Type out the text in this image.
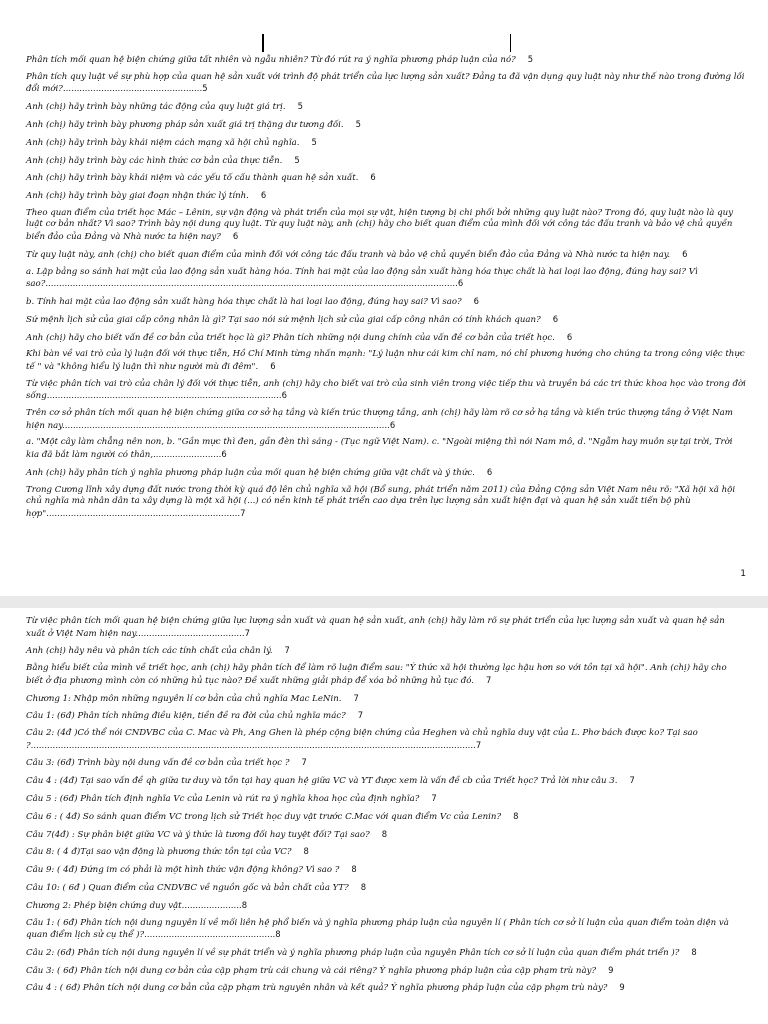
Phân tích mối quan hệ biện chứng giữa tất nhiên và ngẫu nhiên? Từ đó rút ra ý nghĩa phương pháp luận của nó? 5
Phân tích quy luật về sự phù hợp của quan hệ sản xuất với trình độ phát triển của lực lượng sản xuất? Đảng ta đã vận dụng quy luật này như thế nào trong đường lối đổi mới?...................................................5
Anh (chị) hãy trình bày những tác động của quy luật giá trị. 5
Anh (chị) hãy trình bày phương pháp sản xuất giá trị thặng dư tương đối. 5
Anh (chị) hãy trình bày khái niệm cách mạng xã hội chủ nghĩa. 5
Anh (chị) hãy trình bày các hình thức cơ bản của thực tiễn. 5
Anh (chị) hãy trình bày khái niệm và các yếu tố cấu thành quan hệ sản xuất. 6
Anh (chị) hãy trình bày giai đoạn nhận thức lý tính. 6
Theo quan điểm của triết học Mác – Lênin, sự vận động và phát triển của mọi sự vật, hiện tượng bị chi phối bởi những quy luật nào? Trong đó, quy luật nào là quy luật cơ bản nhất? Vì sao? Trình bày nội dung quy luật. Từ quy luật này, anh (chị) hãy cho biết quan điểm của mình đối với công tác đấu tranh và bảo vệ chủ quyền biển đảo của Đảng và Nhà nước ta hiện nay? 6
Từ quy luật này, anh (chị) cho biết quan điểm của mình đối với công tác đấu tranh và bảo vệ chủ quyền biển đảo của Đảng và Nhà nước ta hiện nay. 6
a. Lập bảng so sánh hai mặt của lao động sản xuất hàng hóa. Tính hai mặt của lao động sản xuất hàng hóa thực chất là hai loại lao động, đúng hay sai? Vì sao?.......................................................................................................................................................6
b. Tính hai mặt của lao động sản xuất hàng hóa thực chất là hai loại lao động, đúng hay sai? Vì sao? 6
Sứ mệnh lịch sử của giai cấp công nhân là gì? Tại sao nói sứ mệnh lịch sử của giai cấp công nhân có tính khách quan? 6
Anh (chị) hãy cho biết vấn đề cơ bản của triết học là gì? Phân tích những nội dung chính của vấn đề cơ bản của triết học. 6
Khi bàn về vai trò của lý luận đối với thực tiễn, Hồ Chí Minh từng nhấn mạnh: "Lý luận như cái kim chỉ nam, nó chỉ phương hướng cho chúng ta trong công việc thực tế " và "không hiểu lý luận thì như người mù đi đêm". 6
Từ việc phân tích vai trò của chân lý đối với thực tiễn, anh (chị) hãy cho biết vai trò của sinh viên trong việc tiếp thu và truyền bá các tri thức khoa học vào trong đời sống......................................................................................6
Trên cơ sở phân tích mối quan hệ biện chứng giữa cơ sở hạ tầng và kiến trúc thượng tầng, anh (chị) hãy làm rõ cơ sở hạ tầng và kiến trúc thượng tầng ở Việt Nam hiện nay........................................................................................................................6
a. "Một cây làm chẳng nên non, b. "Gần mực thì đen, gần đèn thì sáng - (Tục ngữ Việt Nam). c. "Ngoài miệng thì nói Nam mô, d. "Ngẫm hay muôn sự tại trời, Trời kia đã bắt làm người có thân,.........................6
Anh (chị) hãy phân tích ý nghĩa phương pháp luận của mối quan hệ biện chứng giữa vật chất và ý thức. 6
Trong Cương lĩnh xây dựng đất nước trong thời kỳ quá độ lên chủ nghĩa xã hội (Bổ sung, phát triển năm 2011) của Đảng Cộng sản Việt Nam nêu rõ: "Xã hội xã hội chủ nghĩa mà nhân dân ta xây dựng là một xã hội (...) có nền kinh tế phát triển cao dựa trên lực lượng sản xuất hiện đại và quan hệ sản xuất tiến bộ phù hợp".......................................................................7
1
Từ việc phân tích mối quan hệ biện chứng giữa lực lượng sản xuất và quan hệ sản xuất, anh (chị) hãy làm rõ sự phát triển của lực lượng sản xuất và quan hệ sản xuất ở Việt Nam hiện nay........................................7
Anh (chị) hãy nêu và phân tích các tính chất của chân lý. 7
Bằng hiểu biết của mình về triết học, anh (chị) hãy phân tích để làm rõ luận điểm sau: "Ý thức xã hội thường lạc hậu hơn so với tồn tại xã hội". Anh (chị) hãy cho biết ở địa phương mình còn có những hủ tục nào? Đề xuất những giải pháp để xóa bỏ những hủ tục đó. 7
Chương 1: Nhập môn những nguyên lí cơ bản của chủ nghĩa Mac LeNin. 7
Câu 1: (6đ) Phân tích những điều kiện, tiền đề ra đời của chủ nghĩa mác? 7
Câu 2: (4đ )Có thể nói CNDVBC của C. Mac và Ph, Ang Ghen là phép cộng biện chứng của Heghen và chủ nghĩa duy vật của L. Phơ bách được ko? Tại sao ?...................................................................................................................................................................7
Câu 3: (6đ) Trình bày nội dung vấn đề cơ bản của triết học ? 7
Câu 4 : (4đ) Tại sao vấn đề qh giữa tư duy và tồn tại hay quan hệ giữa VC và YT được xem là vấn đề cb của Triết học? Trả lời như câu 3. 7
Câu 5 : (6đ) Phân tích định nghĩa Vc của Lenin và rút ra ý nghĩa khoa học của định nghĩa? 7
Câu 6 : ( 4đ) So sánh quan điểm VC trong lịch sử Triết học duy vật trước C.Mac với quan điểm Vc của Lenin? 8
Câu 7(4đ) : Sự phân biệt giữa VC và ý thức là tương đối hay tuyệt đối? Tại sao? 8
Câu 8: ( 4 đ)Tại sao vận động là phương thức tồn tại của VC? 8
Câu 9: ( 4đ) Đứng im có phải là một hình thức vận động không? Vì sao ? 8
Câu 10: ( 6đ ) Quan điểm của CNDVBC về nguồn gốc và bản chất của YT? 8
Chương 2: Phép biện chứng duy vật......................8
Câu 1: ( 6đ) Phân tích nội dung nguyên lí về mối liên hệ phổ biến và ý nghĩa phương pháp luận của nguyên lí ( Phân tích cơ sở lí luận của quan điểm toàn diện và quan điểm lịch sử cụ thể )?................................................8
Câu 2: (6đ) Phân tích nội dung nguyên lí về sự phát triển và ý nghĩa phương pháp luận của nguyên Phân tích cơ sở lí luận của quan điểm phát triển )? 8
Câu 3: ( 6đ) Phân tích nội dung cơ bản của cặp phạm trù cái chung và cái riêng? Ý nghĩa phương pháp luận của cặp phạm trù này? 9
Câu 4 : ( 6đ) Phân tích nội dung cơ bản của cặp phạm trù nguyên nhân và kết quả? Ý nghĩa phương pháp luận của cặp phạm trù này? 9
